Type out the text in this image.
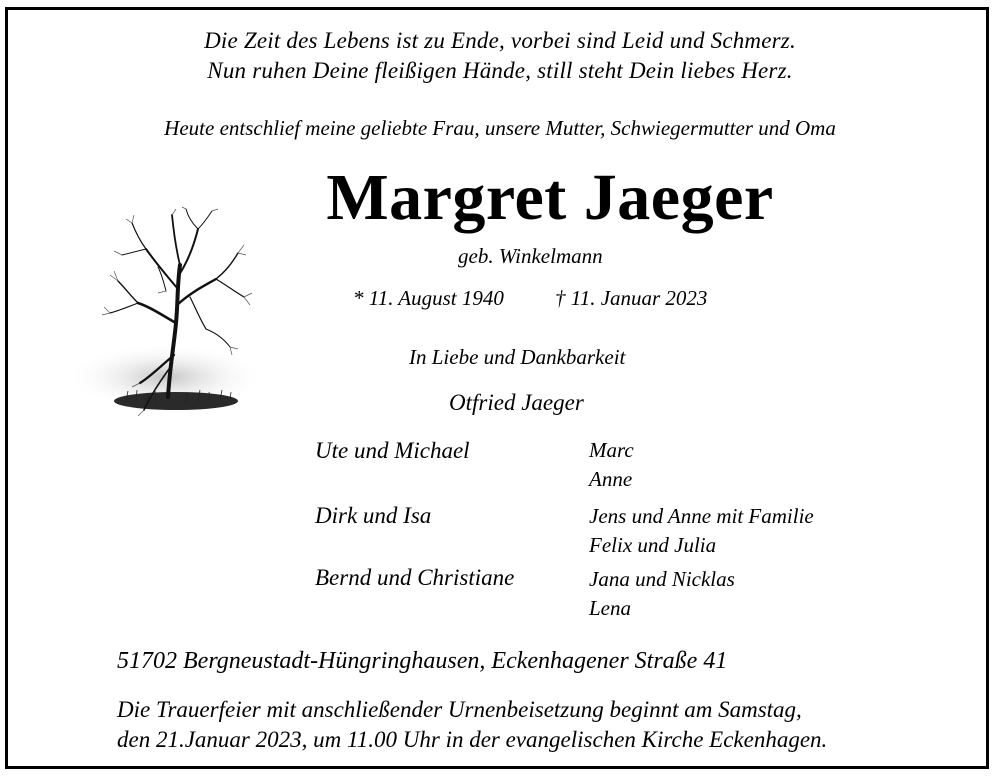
Die Zeit des Lebens ist zu Ende, vorbei sind Leid und Schmerz.
Nun ruhen Deine fleißigen Hände, still steht Dein liebes Herz.
Heute entschlief meine geliebte Frau, unsere Mutter, Schwiegermutter und Oma
Margret Jaeger
geb. Winkelmann
* 11. August 1940 † 11. Januar 2023
In Liebe und Dankbarkeit
Otfried Jaeger
Ute und Michael	Marc
Anne
Dirk und Isa	Jens und Anne mit Familie
Felix und Julia
Bernd und Christiane	Jana und Nicklas
Lena
51702 Bergneustadt-Hüngringhausen, Eckenhagener Straße 41
Die Trauerfeier mit anschließender Urnenbeisetzung beginnt am Samstag,
den 21.Januar 2023, um 11.00 Uhr in der evangelischen Kirche Eckenhagen.
